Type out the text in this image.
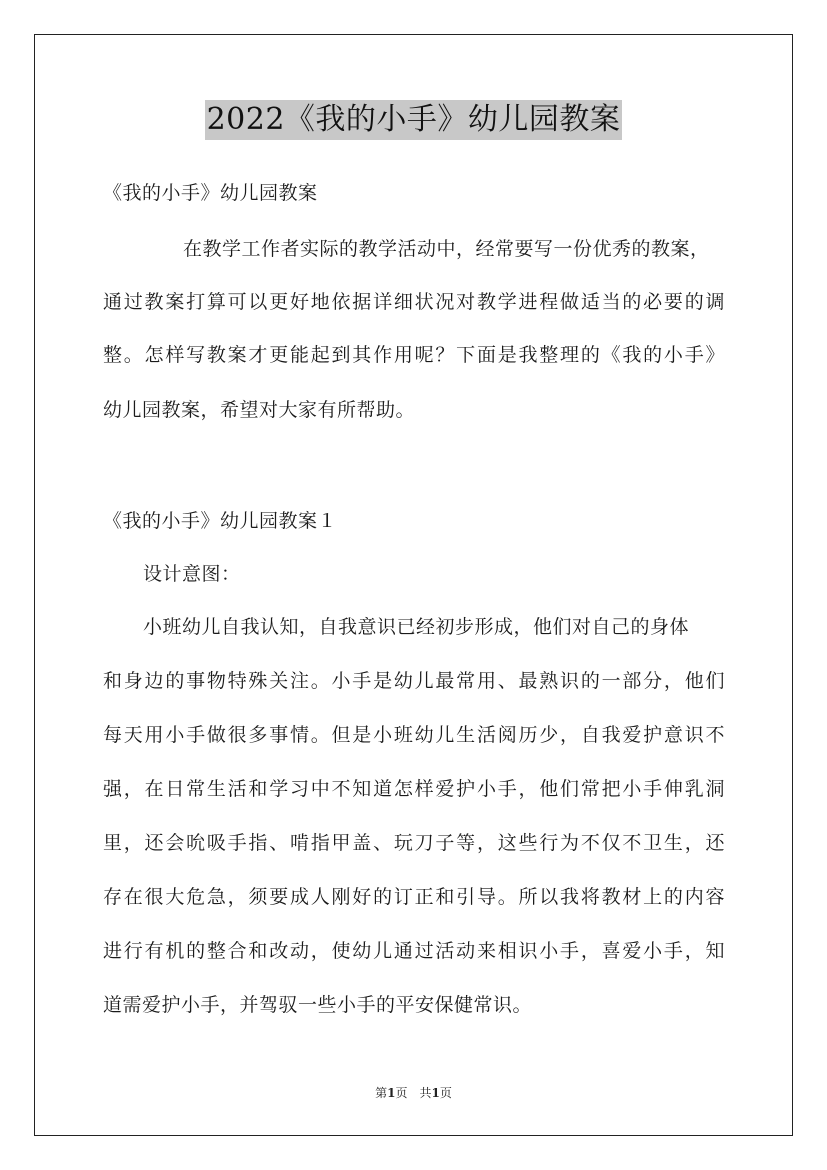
2022《我的小手》幼儿园教案
《我的小手》幼儿园教案
在教学工作者实际的教学活动中，经常要写一份优秀的教案，
通过教案打算可以更好地依据详细状况对教学进程做适当的必要的调
整。怎样写教案才更能起到其作用呢？下面是我整理的《我的小手》
幼儿园教案，希望对大家有所帮助。
《我的小手》幼儿园教案１
设计意图：
小班幼儿自我认知，自我意识已经初步形成，他们对自己的身体
和身边的事物特殊关注。小手是幼儿最常用、最熟识的一部分，他们
每天用小手做很多事情。但是小班幼儿生活阅历少，自我爱护意识不
强，在日常生活和学习中不知道怎样爱护小手，他们常把小手伸乳洞
里，还会吮吸手指、啃指甲盖、玩刀子等，这些行为不仅不卫生，还
存在很大危急，须要成人刚好的订正和引导。所以我将教材上的内容
进行有机的整合和改动，使幼儿通过活动来相识小手，喜爱小手，知
道需爱护小手，并驾驭一些小手的平安保健常识。
第1页　共1页
